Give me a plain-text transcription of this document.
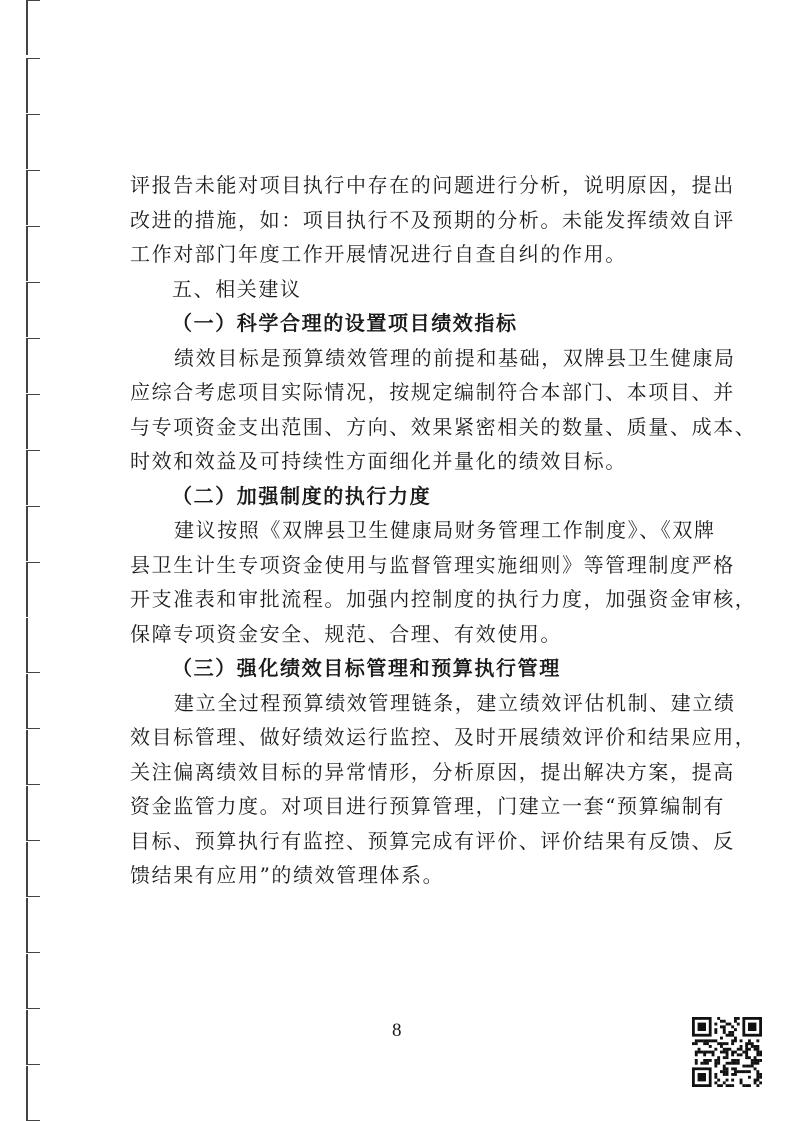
评报告未能对项目执行中存在的问题进行分析，说明原因，提出

改进的措施，如：项目执行不及预期的分析。未能发挥绩效自评

工作对部门年度工作开展情况进行自查自纠的作用。

五、相关建议

（一）科学合理的设置项目绩效指标

绩效目标是预算绩效管理的前提和基础，双牌县卫生健康局

应综合考虑项目实际情况，按规定编制符合本部门、本项目、并

与专项资金支出范围、方向、效果紧密相关的数量、质量、成本、

时效和效益及可持续性方面细化并量化的绩效目标。

（二）加强制度的执行力度

建议按照《双牌县卫生健康局财务管理工作制度》、《双牌

县卫生计生专项资金使用与监督管理实施细则》等管理制度严格

开支准表和审批流程。加强内控制度的执行力度，加强资金审核，

保障专项资金安全、规范、合理、有效使用。

（三）强化绩效目标管理和预算执行管理

建立全过程预算绩效管理链条，建立绩效评估机制、建立绩

效目标管理、做好绩效运行监控、及时开展绩效评价和结果应用，

关注偏离绩效目标的异常情形，分析原因，提出解决方案，提高

资金监管力度。对项目进行预算管理，门建立一套“预算编制有

目标、预算执行有监控、预算完成有评价、评价结果有反馈、反

馈结果有应用”的绩效管理体系。

8
